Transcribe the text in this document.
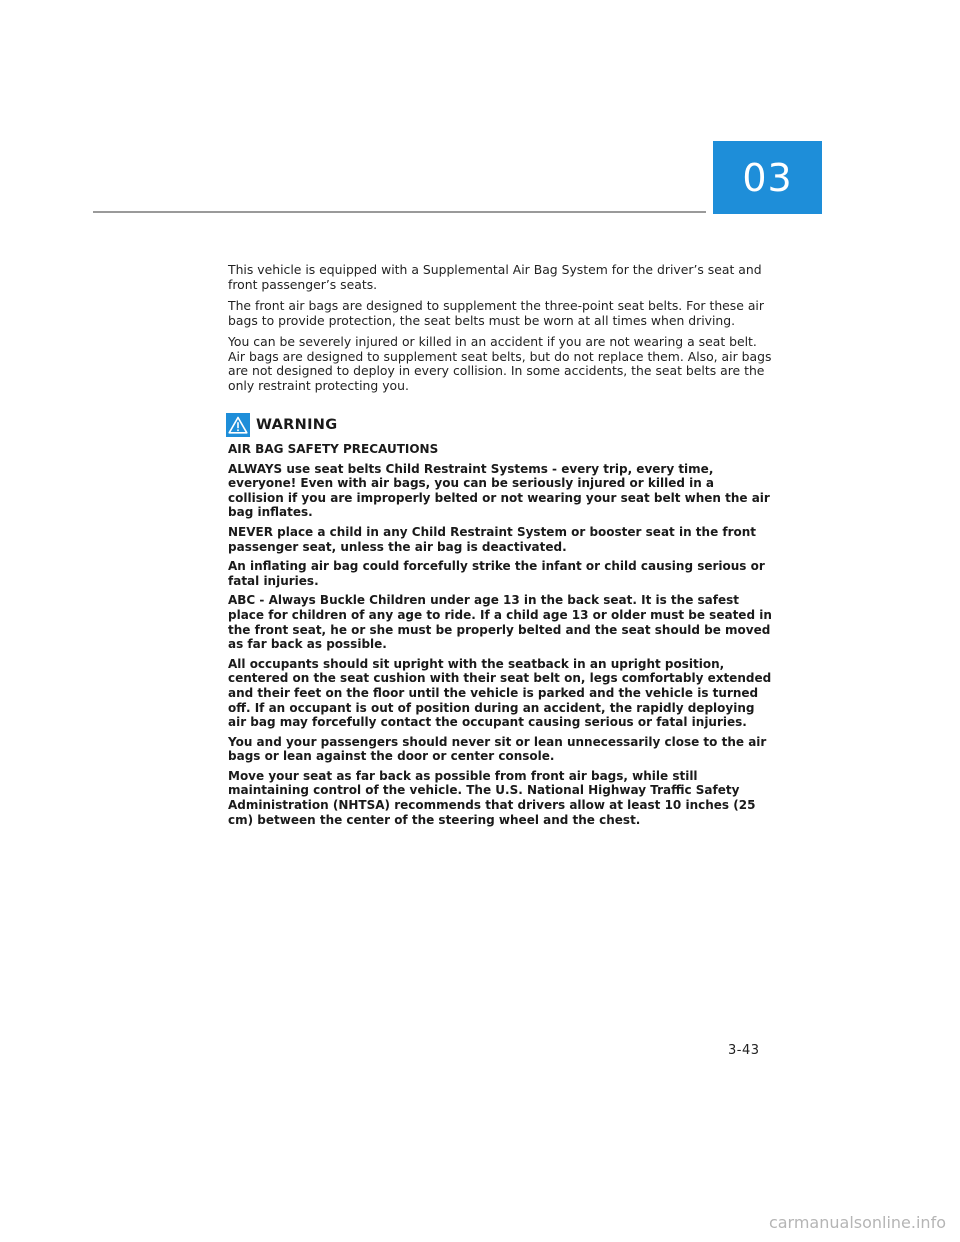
03

This vehicle is equipped with a Supplemental Air Bag System for the driver’s seat and front passenger’s seats.

The front air bags are designed to supplement the three-point seat belts. For these air bags to provide protection, the seat belts must be worn at all times when driving.

You can be severely injured or killed in an accident if you are not wearing a seat belt. Air bags are designed to supplement seat belts, but do not replace them. Also, air bags are not designed to deploy in every collision. In some accidents, the seat belts are the only restraint protecting you.

WARNING

AIR BAG SAFETY PRECAUTIONS

ALWAYS use seat belts Child Restraint Systems - every trip, every time, everyone! Even with air bags, you can be seriously injured or killed in a collision if you are improperly belted or not wearing your seat belt when the air bag inflates.

NEVER place a child in any Child Restraint System or booster seat in the front passenger seat, unless the air bag is deactivated.

An inflating air bag could forcefully strike the infant or child causing serious or fatal injuries.

ABC - Always Buckle Children under age 13 in the back seat. It is the safest place for children of any age to ride. If a child age 13 or older must be seated in the front seat, he or she must be properly belted and the seat should be moved as far back as possible.

All occupants should sit upright with the seatback in an upright position, centered on the seat cushion with their seat belt on, legs comfortably extended and their feet on the floor until the vehicle is parked and the vehicle is turned off. If an occupant is out of position during an accident, the rapidly deploying air bag may forcefully contact the occupant causing serious or fatal injuries.

You and your passengers should never sit or lean unnecessarily close to the air bags or lean against the door or center console.

Move your seat as far back as possible from front air bags, while still maintaining control of the vehicle. The U.S. National Highway Traffic Safety Administration (NHTSA) recommends that drivers allow at least 10 inches (25 cm) between the center of the steering wheel and the chest.

3-43
carmanualsonline.info
